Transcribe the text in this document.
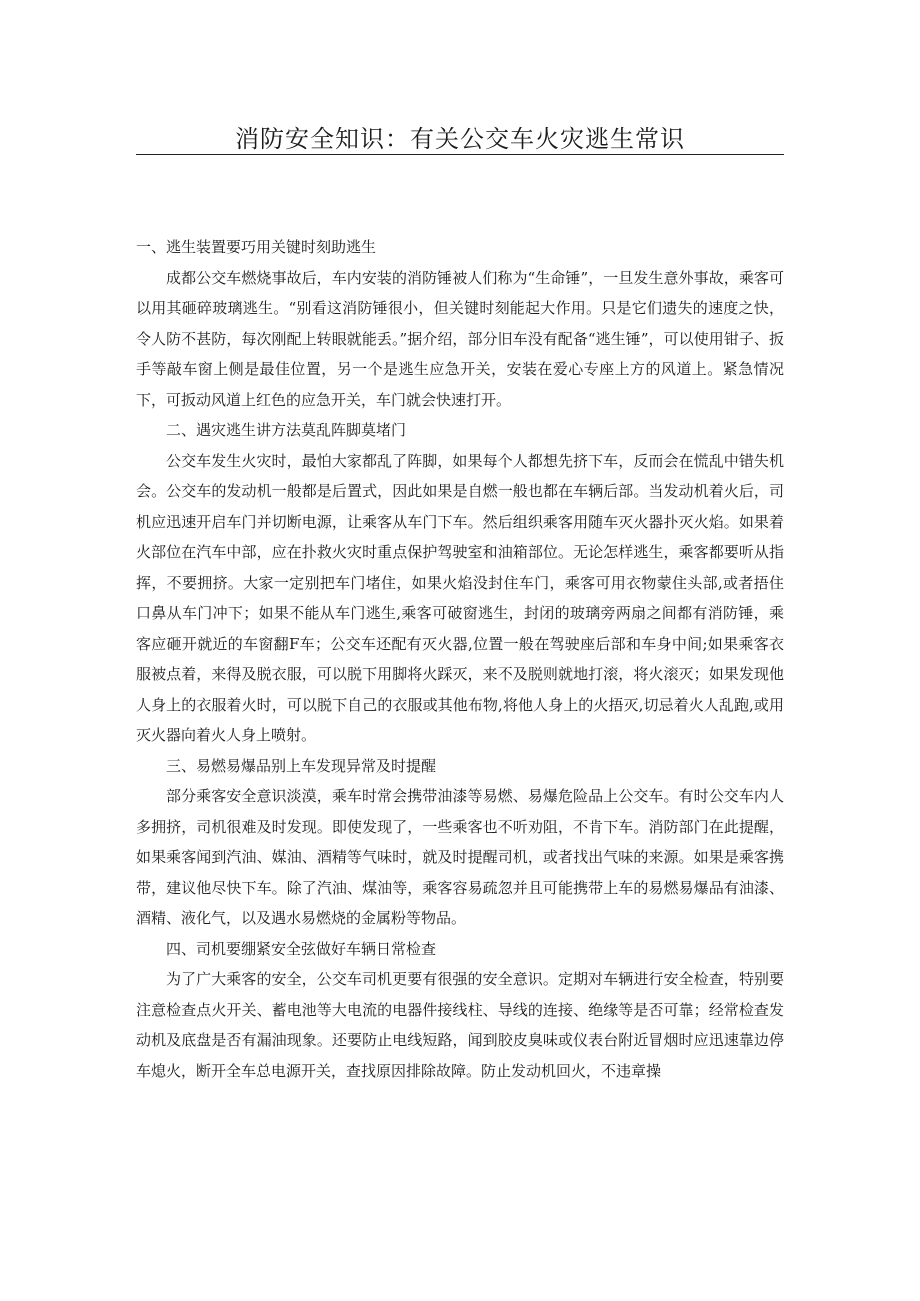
消防安全知识：有关公交车火灾逃生常识

一、逃生装置要巧用关键时刻助逃生

成都公交车燃烧事故后，车内安装的消防锤被人们称为“生命锤”，一旦发生意外事故，乘客可以用其砸碎玻璃逃生。“别看这消防锤很小，但关键时刻能起大作用。只是它们遗失的速度之快，令人防不甚防，每次刚配上转眼就能丢。”据介绍，部分旧车没有配备“逃生锤”，可以使用钳子、扳手等敲车窗上侧是最佳位置，另一个是逃生应急开关，安装在爱心专座上方的风道上。紧急情况下，可扳动风道上红色的应急开关，车门就会快速打开。

二、遇灾逃生讲方法莫乱阵脚莫堵门

公交车发生火灾时，最怕大家都乱了阵脚，如果每个人都想先挤下车，反而会在慌乱中错失机会。公交车的发动机一般都是后置式，因此如果是自燃一般也都在车辆后部。当发动机着火后，司机应迅速开启车门并切断电源，让乘客从车门下车。然后组织乘客用随车灭火器扑灭火焰。如果着火部位在汽车中部，应在扑救火灾时重点保护驾驶室和油箱部位。无论怎样逃生，乘客都要听从指挥，不要拥挤。大家一定别把车门堵住，如果火焰没封住车门，乘客可用衣物蒙住头部,或者捂住口鼻从车门冲下；如果不能从车门逃生,乘客可破窗逃生，封闭的玻璃旁两扇之间都有消防锤，乘客应砸开就近的车窗翻F车；公交车还配有灭火器,位置一般在驾驶座后部和车身中间;如果乘客衣服被点着，来得及脱衣服，可以脱下用脚将火踩灭，来不及脱则就地打滚，将火滚灭；如果发现他人身上的衣服着火时，可以脱下自己的衣服或其他布物,将他人身上的火捂灭,切忌着火人乱跑,或用灭火器向着火人身上喷射。

三、易燃易爆品别上车发现异常及时提醒

部分乘客安全意识淡漠，乘车时常会携带油漆等易燃、易爆危险品上公交车。有时公交车内人多拥挤，司机很难及时发现。即使发现了，一些乘客也不听劝阻，不肯下车。消防部门在此提醒，如果乘客闻到汽油、媒油、酒精等气味时，就及时提醒司机，或者找出气味的来源。如果是乘客携带，建议他尽快下车。除了汽油、煤油等，乘客容易疏忽并且可能携带上车的易燃易爆品有油漆、酒精、液化气，以及遇水易燃烧的金属粉等物品。

四、司机要绷紧安全弦做好车辆日常检查

为了广大乘客的安全，公交车司机更要有很强的安全意识。定期对车辆进行安全检查，特别要注意检查点火开关、蓄电池等大电流的电器件接线柱、导线的连接、绝缘等是否可靠；经常检查发动机及底盘是否有漏油现象。还要防止电线短路，闻到胶皮臭味或仪表台附近冒烟时应迅速靠边停车熄火，断开全车总电源开关，查找原因排除故障。防止发动机回火，不违章操
